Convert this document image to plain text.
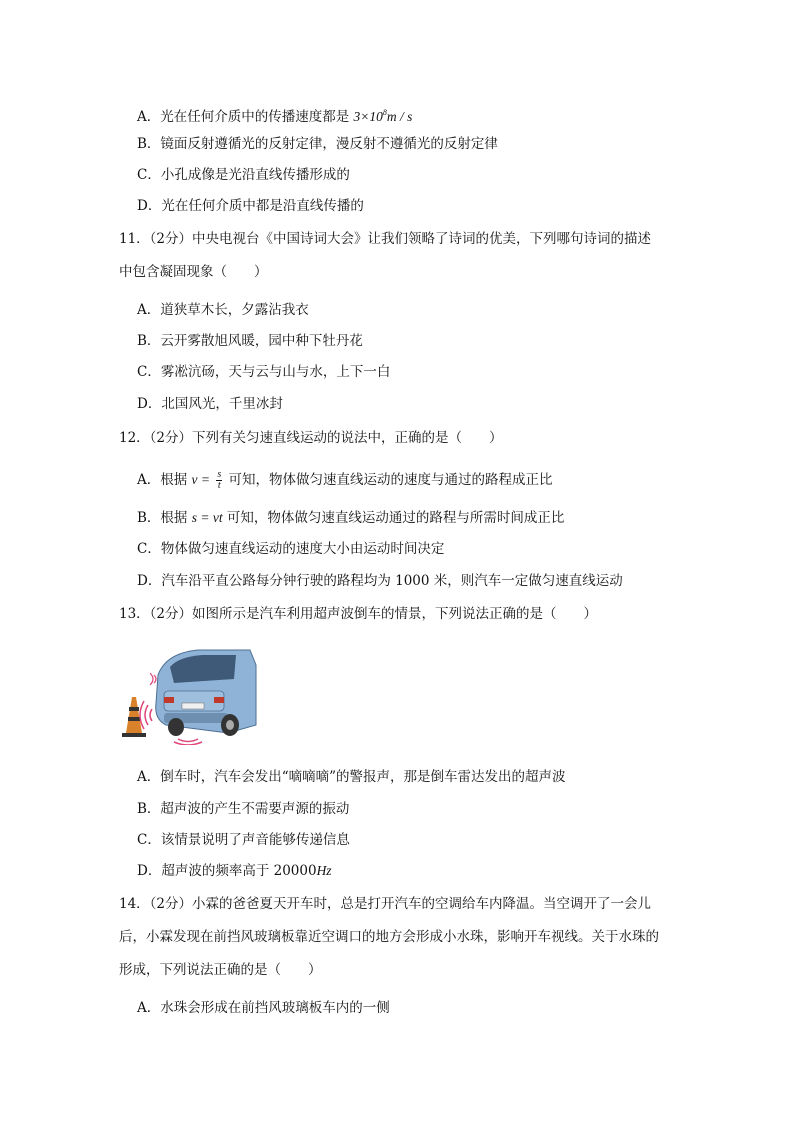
A．光在任何介质中的传播速度都是 $3\times 10^8m / s$
B．镜面反射遵循光的反射定律，漫反射不遵循光的反射定律
C．小孔成像是光沿直线传播形成的
D．光在任何介质中都是沿直线传播的
11．（2分）中央电视台《中国诗词大会》让我们领略了诗词的优美，下列哪句诗词的描述
中包含凝固现象（　　）
A．道狭草木长，夕露沾我衣
B．云开雾散旭风暖，园中种下牡丹花
C．雾凇沆砀，天与云与山与水，上下一白
D．北国风光，千里冰封
12．（2分）下列有关匀速直线运动的说法中，正确的是（　　）
A．根据 $v = \frac{s}{t}$ 可知，物体做匀速直线运动的速度与通过的路程成正比
B．根据 s = vt 可知，物体做匀速直线运动通过的路程与所需时间成正比
C．物体做匀速直线运动的速度大小由运动时间决定
D．汽车沿平直公路每分钟行驶的路程均为 1000 米，则汽车一定做匀速直线运动
13．（2分）如图所示是汽车利用超声波倒车的情景，下列说法正确的是（　　）
A．倒车时，汽车会发出“嘀嘀嘀”的警报声，那是倒车雷达发出的超声波
B．超声波的产生不需要声源的振动
C．该情景说明了声音能够传递信息
D．超声波的频率高于 20000Hz
14．（2分）小霖的爸爸夏天开车时，总是打开汽车的空调给车内降温。当空调开了一会儿
后，小霖发现在前挡风玻璃板靠近空调口的地方会形成小水珠，影响开车视线。关于水珠的
形成，下列说法正确的是（　　）
A．水珠会形成在前挡风玻璃板车内的一侧
